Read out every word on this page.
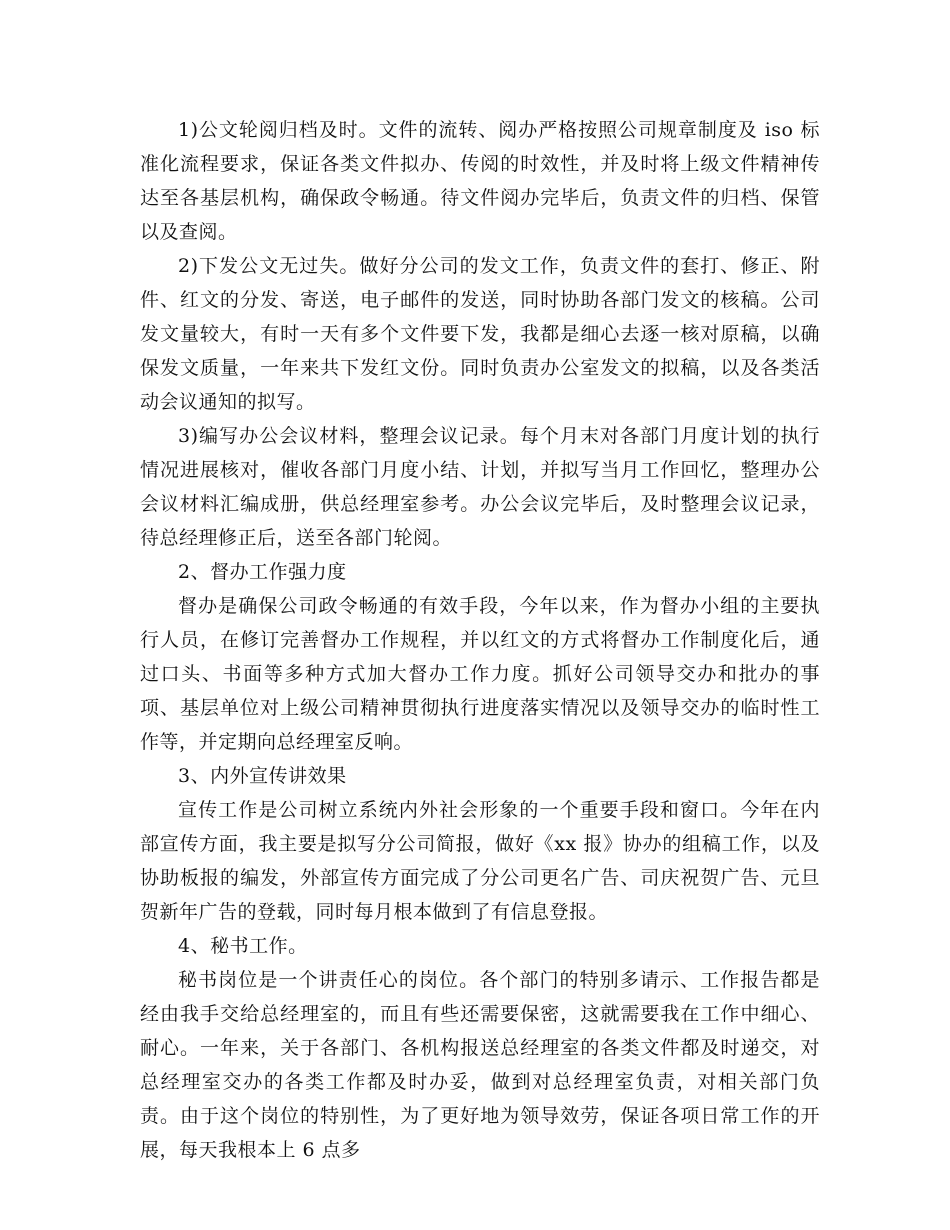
1)公文轮阅归档及时。文件的流转、阅办严格按照公司规章制度及 iso 标准化流程要求，保证各类文件拟办、传阅的时效性，并及时将上级文件精神传达至各基层机构，确保政令畅通。待文件阅办完毕后，负责文件的归档、保管以及查阅。

2)下发公文无过失。做好分公司的发文工作，负责文件的套打、修正、附件、红文的分发、寄送，电子邮件的发送，同时协助各部门发文的核稿。公司发文量较大，有时一天有多个文件要下发，我都是细心去逐一核对原稿，以确保发文质量，一年来共下发红文份。同时负责办公室发文的拟稿，以及各类活动会议通知的拟写。

3)编写办公会议材料，整理会议记录。每个月末对各部门月度计划的执行情况进展核对，催收各部门月度小结、计划，并拟写当月工作回忆，整理办公会议材料汇编成册，供总经理室参考。办公会议完毕后，及时整理会议记录，待总经理修正后，送至各部门轮阅。

2、督办工作强力度

督办是确保公司政令畅通的有效手段，今年以来，作为督办小组的主要执行人员，在修订完善督办工作规程，并以红文的方式将督办工作制度化后，通过口头、书面等多种方式加大督办工作力度。抓好公司领导交办和批办的事项、基层单位对上级公司精神贯彻执行进度落实情况以及领导交办的临时性工作等，并定期向总经理室反响。

3、内外宣传讲效果

宣传工作是公司树立系统内外社会形象的一个重要手段和窗口。今年在内部宣传方面，我主要是拟写分公司简报，做好《xx 报》协办的组稿工作，以及协助板报的编发，外部宣传方面完成了分公司更名广告、司庆祝贺广告、元旦贺新年广告的登载，同时每月根本做到了有信息登报。

4、秘书工作。

秘书岗位是一个讲责任心的岗位。各个部门的特别多请示、工作报告都是经由我手交给总经理室的，而且有些还需要保密，这就需要我在工作中细心、耐心。一年来，关于各部门、各机构报送总经理室的各类文件都及时递交，对总经理室交办的各类工作都及时办妥，做到对总经理室负责，对相关部门负责。由于这个岗位的特别性，为了更好地为领导效劳，保证各项日常工作的开展，每天我根本上 6 点多
